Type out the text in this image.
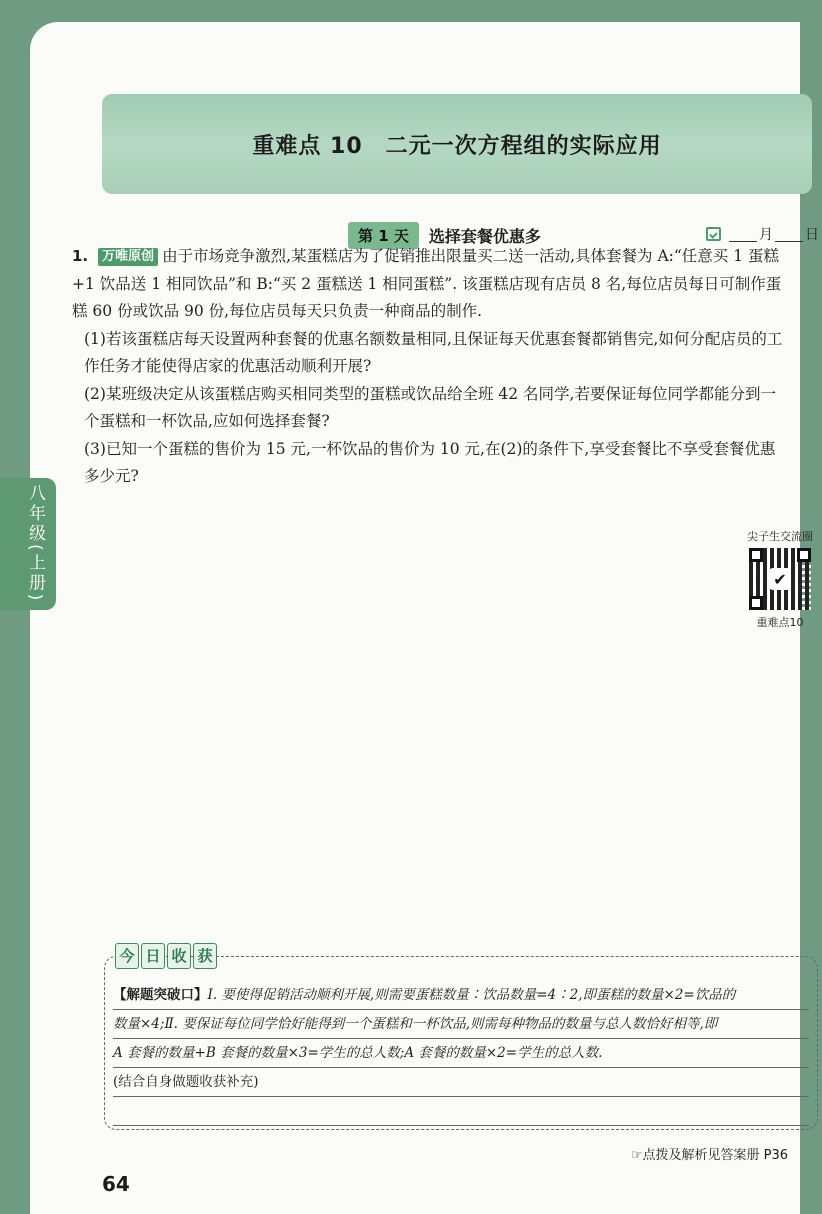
重难点 10　二元一次方程组的实际应用
第 1 天	选择套餐优惠多	月 日
尖子生交流圈
✔
重难点10
今 日 收 获
【解题突破口】Ⅰ. 要使得促销活动顺利开展,则需要蛋糕数量∶饮品数量=4∶2,即蛋糕的数量×2=饮品的
数量×4;Ⅱ. 要保证每位同学恰好能得到一个蛋糕和一杯饮品,则需每种物品的数量与总人数恰好相等,即
A 套餐的数量+B 套餐的数量×3=学生的总人数;A 套餐的数量×2=学生的总人数.
(结合自身做题收获补充)
☞点拨及解析见答案册 P36
64
八年级(上册)

1. 万唯原创 由于市场竞争激烈,某蛋糕店为了促销推出限量买二送一活动,具体套餐为 A:“任意买 1 蛋糕+1 饮品送 1 相同饮品”和 B:“买 2 蛋糕送 1 相同蛋糕”. 该蛋糕店现有店员 8 名,每位店员每日可制作蛋糕 60 份或饮品 90 份,每位店员每天只负责一种商品的制作.

(1)若该蛋糕店每天设置两种套餐的优惠名额数量相同,且保证每天优惠套餐都销售完,如何分配店员的工作任务才能使得店家的优惠活动顺利开展?

(2)某班级决定从该蛋糕店购买相同类型的蛋糕或饮品给全班 42 名同学,若要保证每位同学都能分到一个蛋糕和一杯饮品,应如何选择套餐?

(3)已知一个蛋糕的售价为 15 元,一杯饮品的售价为 10 元,在(2)的条件下,享受套餐比不享受套餐优惠多少元?
